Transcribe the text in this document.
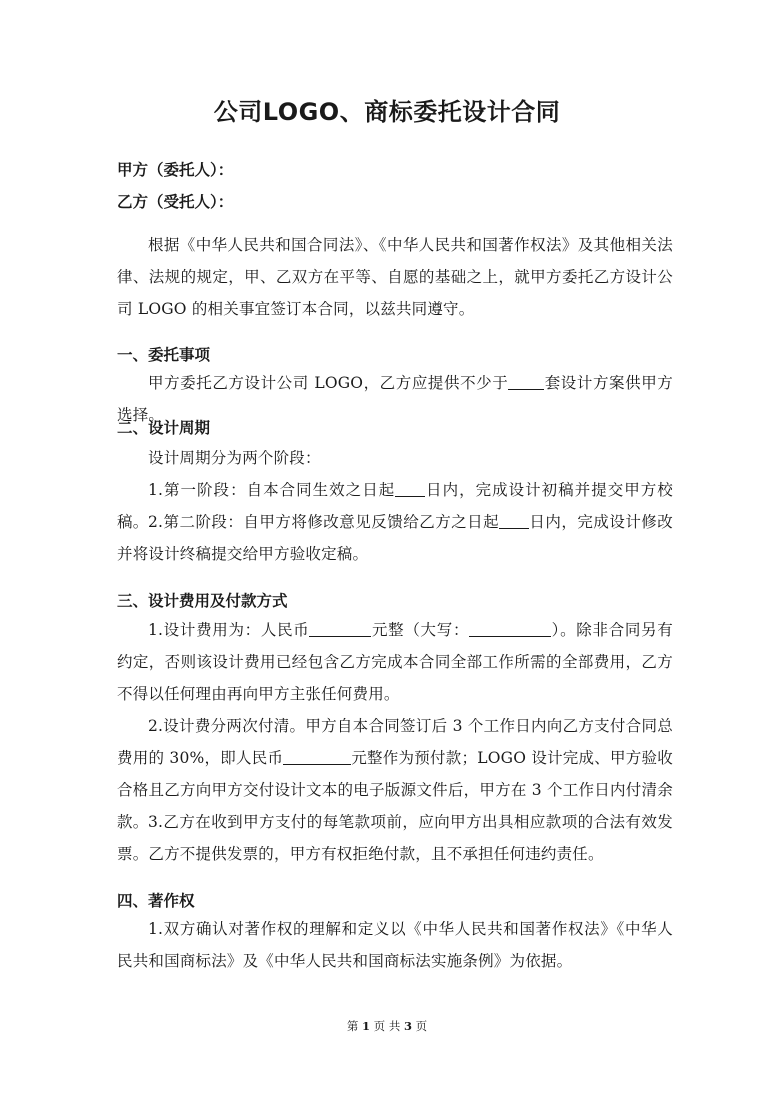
公司LOGO、商标委托设计合同
甲方（委托人）：
乙方（受托人）：
根据《中华人民共和国合同法》、《中华人民共和国著作权法》及其他相关法律、法规的规定，甲、乙双方在平等、自愿的基础之上，就甲方委托乙方设计公司 LOGO 的相关事宜签订本合同，以兹共同遵守。
一、委托事项
甲方委托乙方设计公司 LOGO，乙方应提供不少于 套设计方案供甲方选择。
二、设计周期
设计周期分为两个阶段：
1.第一阶段：自本合同生效之日起 日内，完成设计初稿并提交甲方校稿。 2.第二阶段：自甲方将修改意见反馈给乙方之日起 日内，完成设计修改并将设计终稿提交给甲方验收定稿。
三、设计费用及付款方式
1.设计费用为：人民币	元整（大写：	）。除非合同另有约定，否则该设计费用已经包含乙方完成本合同全部工作所需的全部费用，乙方不得以任何理由再向甲方主张任何费用。
2.设计费分两次付清。甲方自本合同签订后 3 个工作日内向乙方支付合同总费用的 30%，即人民币	元整作为预付款；LOGO 设计完成、甲方验收合格且乙方向甲方交付设计文本的电子版源文件后，甲方在 3 个工作日内付清余款。 3.乙方在收到甲方支付的每笔款项前，应向甲方出具相应款项的合法有效发票。乙方不提供发票的，甲方有权拒绝付款，且不承担任何违约责任。
四、著作权
1.双方确认对著作权的理解和定义以《中华人民共和国著作权法》《中华人民共和国商标法》及《中华人民共和国商标法实施条例》为依据。
第 1 页 共 3 页
